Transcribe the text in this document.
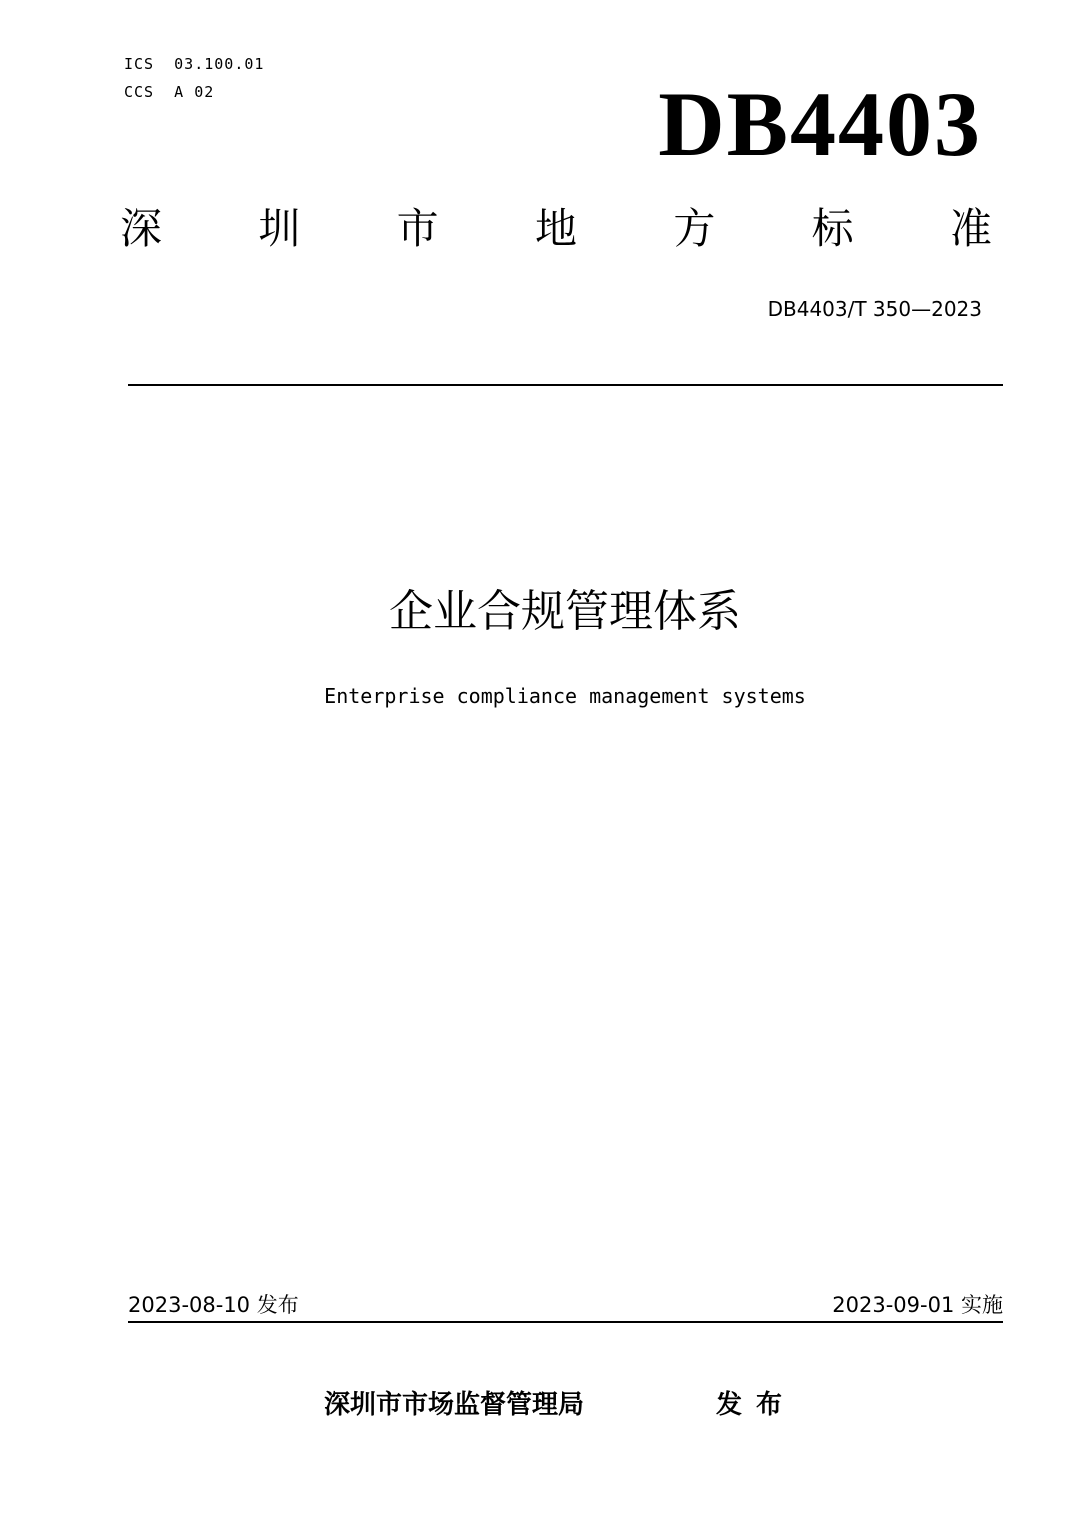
ICS  03.100.01
CCS  A 02	DB4403
深 圳 市 地 方 标 准
DB4403/T 350—2023
企业合规管理体系
Enterprise compliance management systems
2023-08-10 发布	2023-09-01 实施
深圳市市场监督管理局	发布
